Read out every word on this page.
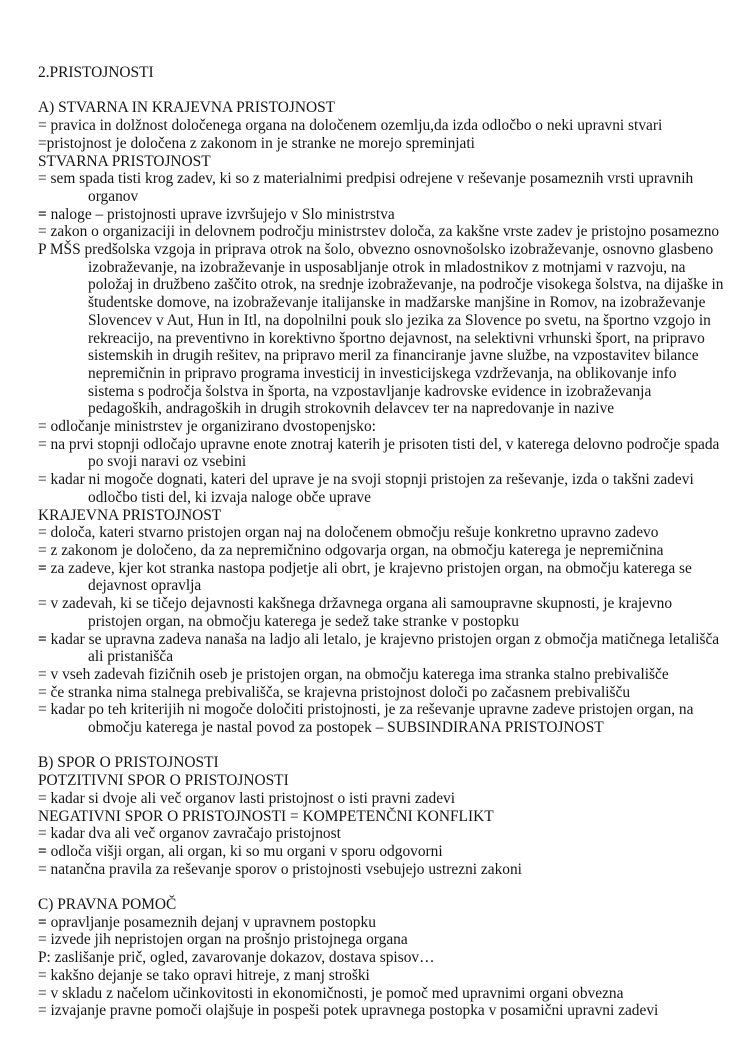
2.PRISTOJNOSTI

A) STVARNA IN KRAJEVNA PRISTOJNOST
= pravica in dolžnost določenega organa na določenem ozemlju,da izda odločbo o neki upravni stvari
=pristojnost je določena z zakonom in je stranke ne morejo spreminjati
STVARNA PRISTOJNOST
= sem spada tisti krog zadev, ki so z materialnimi predpisi odrejene v reševanje posameznih vrsti upravnih
organov
= naloge – pristojnosti uprave izvršujejo v Slo ministrstva
= zakon o organizaciji in delovnem področju ministrstev določa, za kakšne vrste zadev je pristojno posamezno
P MŠS predšolska vzgoja in priprava otrok na šolo, obvezno osnovnošolsko izobraževanje, osnovno glasbeno
izobraževanje, na izobraževanje in usposabljanje otrok in mladostnikov z motnjami v razvoju, na
položaj in družbeno zaščito otrok, na srednje izobraževanje, na področje visokega šolstva, na dijaške in
študentske domove, na izobraževanje italijanske in madžarske manjšine in Romov, na izobraževanje
Slovencev v Aut, Hun in Itl, na dopolnilni pouk slo jezika za Slovence po svetu, na športno vzgojo in
rekreacijo, na preventivno in korektivno športno dejavnost, na selektivni vrhunski šport, na pripravo
sistemskih in drugih rešitev, na pripravo meril za financiranje javne službe, na vzpostavitev bilance
nepremičnin in pripravo programa investicij in investicijskega vzdrževanja, na oblikovanje info
sistema s področja šolstva in športa, na vzpostavljanje kadrovske evidence in izobraževanja
pedagoških, andragoških in drugih strokovnih delavcev ter na napredovanje in nazive
= odločanje ministrstev je organizirano dvostopenjsko:
= na prvi stopnji odločajo upravne enote znotraj katerih je prisoten tisti del, v katerega delovno področje spada
po svoji naravi oz vsebini
= kadar ni mogoče dognati, kateri del uprave je na svoji stopnji pristojen za reševanje, izda o takšni zadevi
odločbo tisti del, ki izvaja naloge obče uprave
KRAJEVNA PRISTOJNOST
= določa, kateri stvarno pristojen organ naj na določenem območju rešuje konkretno upravno zadevo
= z zakonom je določeno, da za nepremičnino odgovarja organ, na območju katerega je nepremičnina
= za zadeve, kjer kot stranka nastopa podjetje ali obrt, je krajevno pristojen organ, na območju katerega se
dejavnost opravlja
= v zadevah, ki se tičejo dejavnosti kakšnega državnega organa ali samoupravne skupnosti, je krajevno
pristojen organ, na območju katerega je sedež take stranke v postopku
= kadar se upravna zadeva nanaša na ladjo ali letalo, je krajevno pristojen organ z območja matičnega letališča
ali pristanišča
= v vseh zadevah fizičnih oseb je pristojen organ, na območju katerega ima stranka stalno prebivališče
= če stranka nima stalnega prebivališča, se krajevna pristojnost določi po začasnem prebivališču
= kadar po teh kriterijih ni mogoče določiti pristojnosti, je za reševanje upravne zadeve pristojen organ, na
območju katerega je nastal povod za postopek – SUBSINDIRANA PRISTOJNOST

B) SPOR O PRISTOJNOSTI
POTZITIVNI SPOR O PRISTOJNOSTI
= kadar si dvoje ali več organov lasti pristojnost o isti pravni zadevi
NEGATIVNI SPOR O PRISTOJNOSTI = KOMPETENČNI KONFLIKT
= kadar dva ali več organov zavračajo pristojnost
= odloča višji organ, ali organ, ki so mu organi v sporu odgovorni
= natančna pravila za reševanje sporov o pristojnosti vsebujejo ustrezni zakoni

C) PRAVNA POMOČ
= opravljanje posameznih dejanj v upravnem postopku
= izvede jih nepristojen organ na prošnjo pristojnega organa
P: zaslišanje prič, ogled, zavarovanje dokazov, dostava spisov…
= kakšno dejanje se tako opravi hitreje, z manj stroški
= v skladu z načelom učinkovitosti in ekonomičnosti, je pomoč med upravnimi organi obvezna
= izvajanje pravne pomoči olajšuje in pospeši potek upravnega postopka v posamični upravni zadevi
